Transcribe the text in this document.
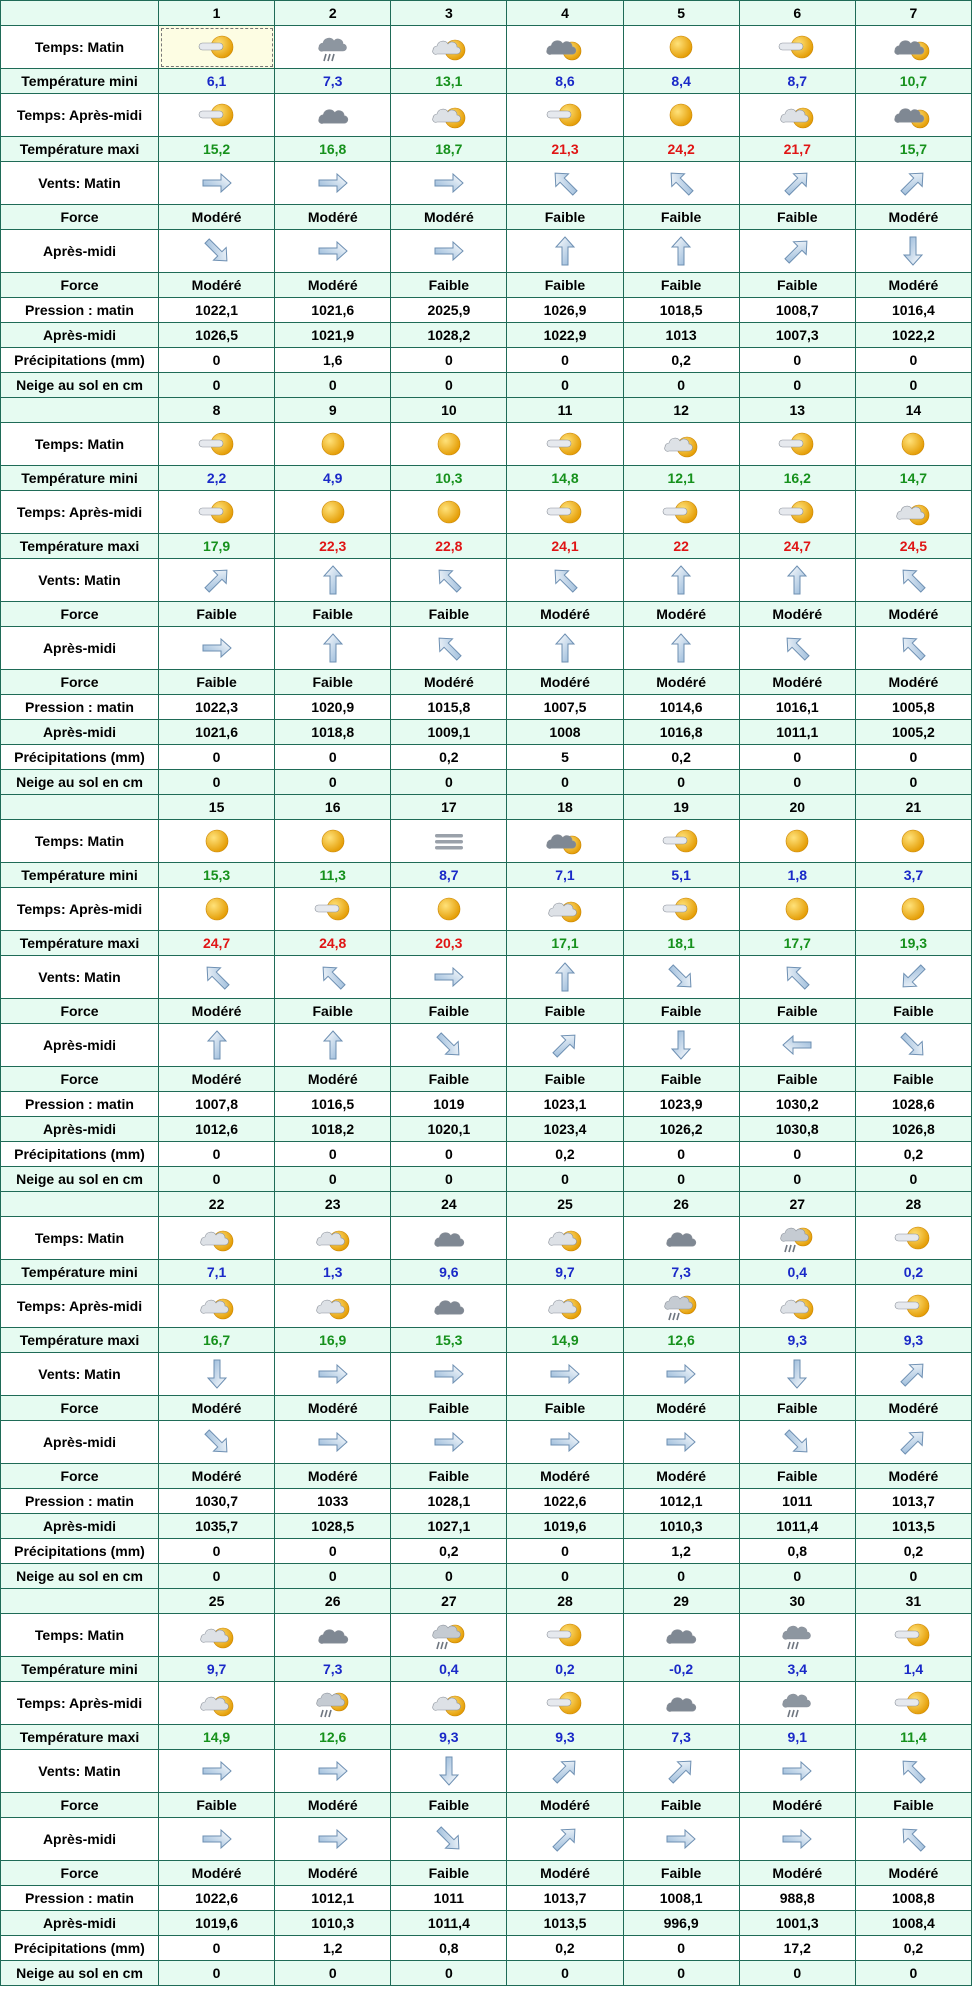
	1	2	3	4	5	6	7
Temps: Matin	

Température mini	6,1	7,3	13,1	8,6	8,4	8,7	10,7
Temps: Après-midi	

Température maxi	15,2	16,8	18,7	21,3	24,2	21,7	15,7
Vents: Matin	

Force	Modéré	Modéré	Modéré	Faible	Faible	Faible	Modéré
Après-midi	

Force	Modéré	Modéré	Faible	Faible	Faible	Faible	Modéré
Pression : matin	1022,1	1021,6	2025,9	1026,9	1018,5	1008,7	1016,4
Après-midi	1026,5	1021,9	1028,2	1022,9	1013	1007,3	1022,2
Précipitations (mm)	0	1,6	0	0	0,2	0	0
Neige au sol en cm	0	0	0	0	0	0	0
	8	9	10	11	12	13	14
Temps: Matin	

Température mini	2,2	4,9	10,3	14,8	12,1	16,2	14,7
Temps: Après-midi	

Température maxi	17,9	22,3	22,8	24,1	22	24,7	24,5
Vents: Matin	

Force	Faible	Faible	Faible	Modéré	Modéré	Modéré	Modéré
Après-midi	

Force	Faible	Faible	Modéré	Modéré	Modéré	Modéré	Modéré
Pression : matin	1022,3	1020,9	1015,8	1007,5	1014,6	1016,1	1005,8
Après-midi	1021,6	1018,8	1009,1	1008	1016,8	1011,1	1005,2
Précipitations (mm)	0	0	0,2	5	0,2	0	0
Neige au sol en cm	0	0	0	0	0	0	0
	15	16	17	18	19	20	21
Temps: Matin	

Température mini	15,3	11,3	8,7	7,1	5,1	1,8	3,7
Temps: Après-midi	

Température maxi	24,7	24,8	20,3	17,1	18,1	17,7	19,3
Vents: Matin	

Force	Modéré	Faible	Faible	Faible	Faible	Faible	Faible
Après-midi	

Force	Modéré	Modéré	Faible	Faible	Faible	Faible	Faible
Pression : matin	1007,8	1016,5	1019	1023,1	1023,9	1030,2	1028,6
Après-midi	1012,6	1018,2	1020,1	1023,4	1026,2	1030,8	1026,8
Précipitations (mm)	0	0	0	0,2	0	0	0,2
Neige au sol en cm	0	0	0	0	0	0	0
	22	23	24	25	26	27	28
Temps: Matin	

Température mini	7,1	1,3	9,6	9,7	7,3	0,4	0,2
Temps: Après-midi	

Température maxi	16,7	16,9	15,3	14,9	12,6	9,3	9,3
Vents: Matin	

Force	Modéré	Modéré	Faible	Faible	Modéré	Faible	Modéré
Après-midi	

Force	Modéré	Modéré	Faible	Modéré	Modéré	Faible	Modéré
Pression : matin	1030,7	1033	1028,1	1022,6	1012,1	1011	1013,7
Après-midi	1035,7	1028,5	1027,1	1019,6	1010,3	1011,4	1013,5
Précipitations (mm)	0	0	0,2	0	1,2	0,8	0,2
Neige au sol en cm	0	0	0	0	0	0	0
	25	26	27	28	29	30	31
Temps: Matin	

Température mini	9,7	7,3	0,4	0,2	-0,2	3,4	1,4
Temps: Après-midi	

Température maxi	14,9	12,6	9,3	9,3	7,3	9,1	11,4
Vents: Matin	

Force	Faible	Modéré	Faible	Modéré	Faible	Modéré	Faible
Après-midi	

Force	Modéré	Modéré	Faible	Modéré	Faible	Modéré	Modéré
Pression : matin	1022,6	1012,1	1011	1013,7	1008,1	988,8	1008,8
Après-midi	1019,6	1010,3	1011,4	1013,5	996,9	1001,3	1008,4
Précipitations (mm)	0	1,2	0,8	0,2	0	17,2	0,2
Neige au sol en cm	0	0	0	0	0	0	0
